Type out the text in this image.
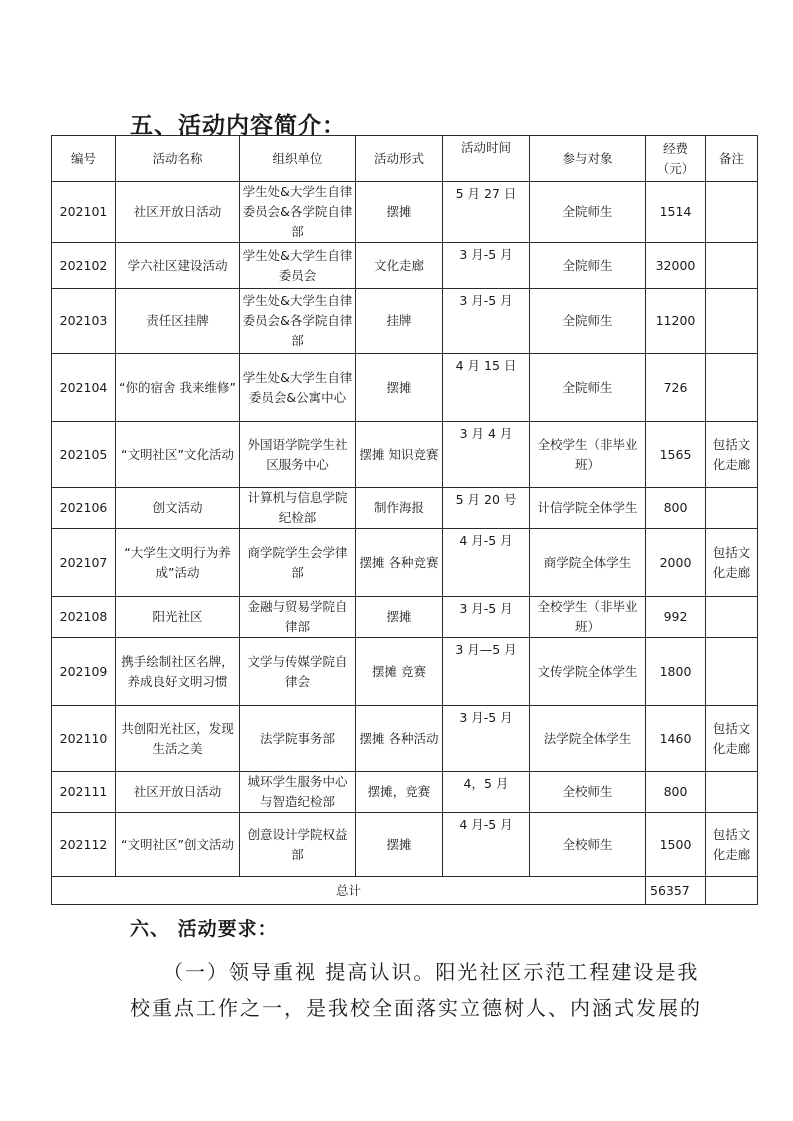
五、活动内容简介：
编号	活动名称	组织单位	活动形式	活动时间	参与对象	经费（元）	备注
202101	社区开放日活动	学生处&大学生自律委员会&各学院自律部	摆摊	5 月 27 日	全院师生	1514	
202102	学六社区建设活动	学生处&大学生自律委员会	文化走廊	3 月-5 月	全院师生	32000	
202103	责任区挂牌	学生处&大学生自律委员会&各学院自律部	挂牌	3 月-5 月	全院师生	11200	
202104	“你的宿舍 我来维修”	学生处&大学生自律委员会&公寓中心	摆摊	4 月 15 日	全院师生	726	
202105	“文明社区”文化活动	外国语学院学生社区服务中心	摆摊 知识竞赛	3 月 4 月	全校学生（非毕业班）	1565	包括文化走廊
202106	创文活动	计算机与信息学院纪检部	制作海报	5 月 20 号	计信学院全体学生	800	
202107	“大学生文明行为养成”活动	商学院学生会学律部	摆摊 各种竞赛	4 月-5 月	商学院全体学生	2000	包括文化走廊
202108	阳光社区	金融与贸易学院自律部	摆摊	3 月-5 月	全校学生（非毕业班）	992	
202109	携手绘制社区名牌，养成良好文明习惯	文学与传媒学院自律会	摆摊 竞赛	3 月—5 月	文传学院全体学生	1800	
202110	共创阳光社区，发现生活之美	法学院事务部	摆摊 各种活动	3 月-5 月	法学院全体学生	1460	包括文化走廊
202111	社区开放日活动	城环学生服务中心与智造纪检部	摆摊，竞赛	4，5 月	全校师生	800	
202112	“文明社区”创文活动	创意设计学院权益部	摆摊	4 月-5 月	全校师生	1500	包括文化走廊
总计						56357	
六、 活动要求：
（一）领导重视 提高认识。阳光社区示范工程建设是我
校重点工作之一，是我校全面落实立德树人、内涵式发展的
